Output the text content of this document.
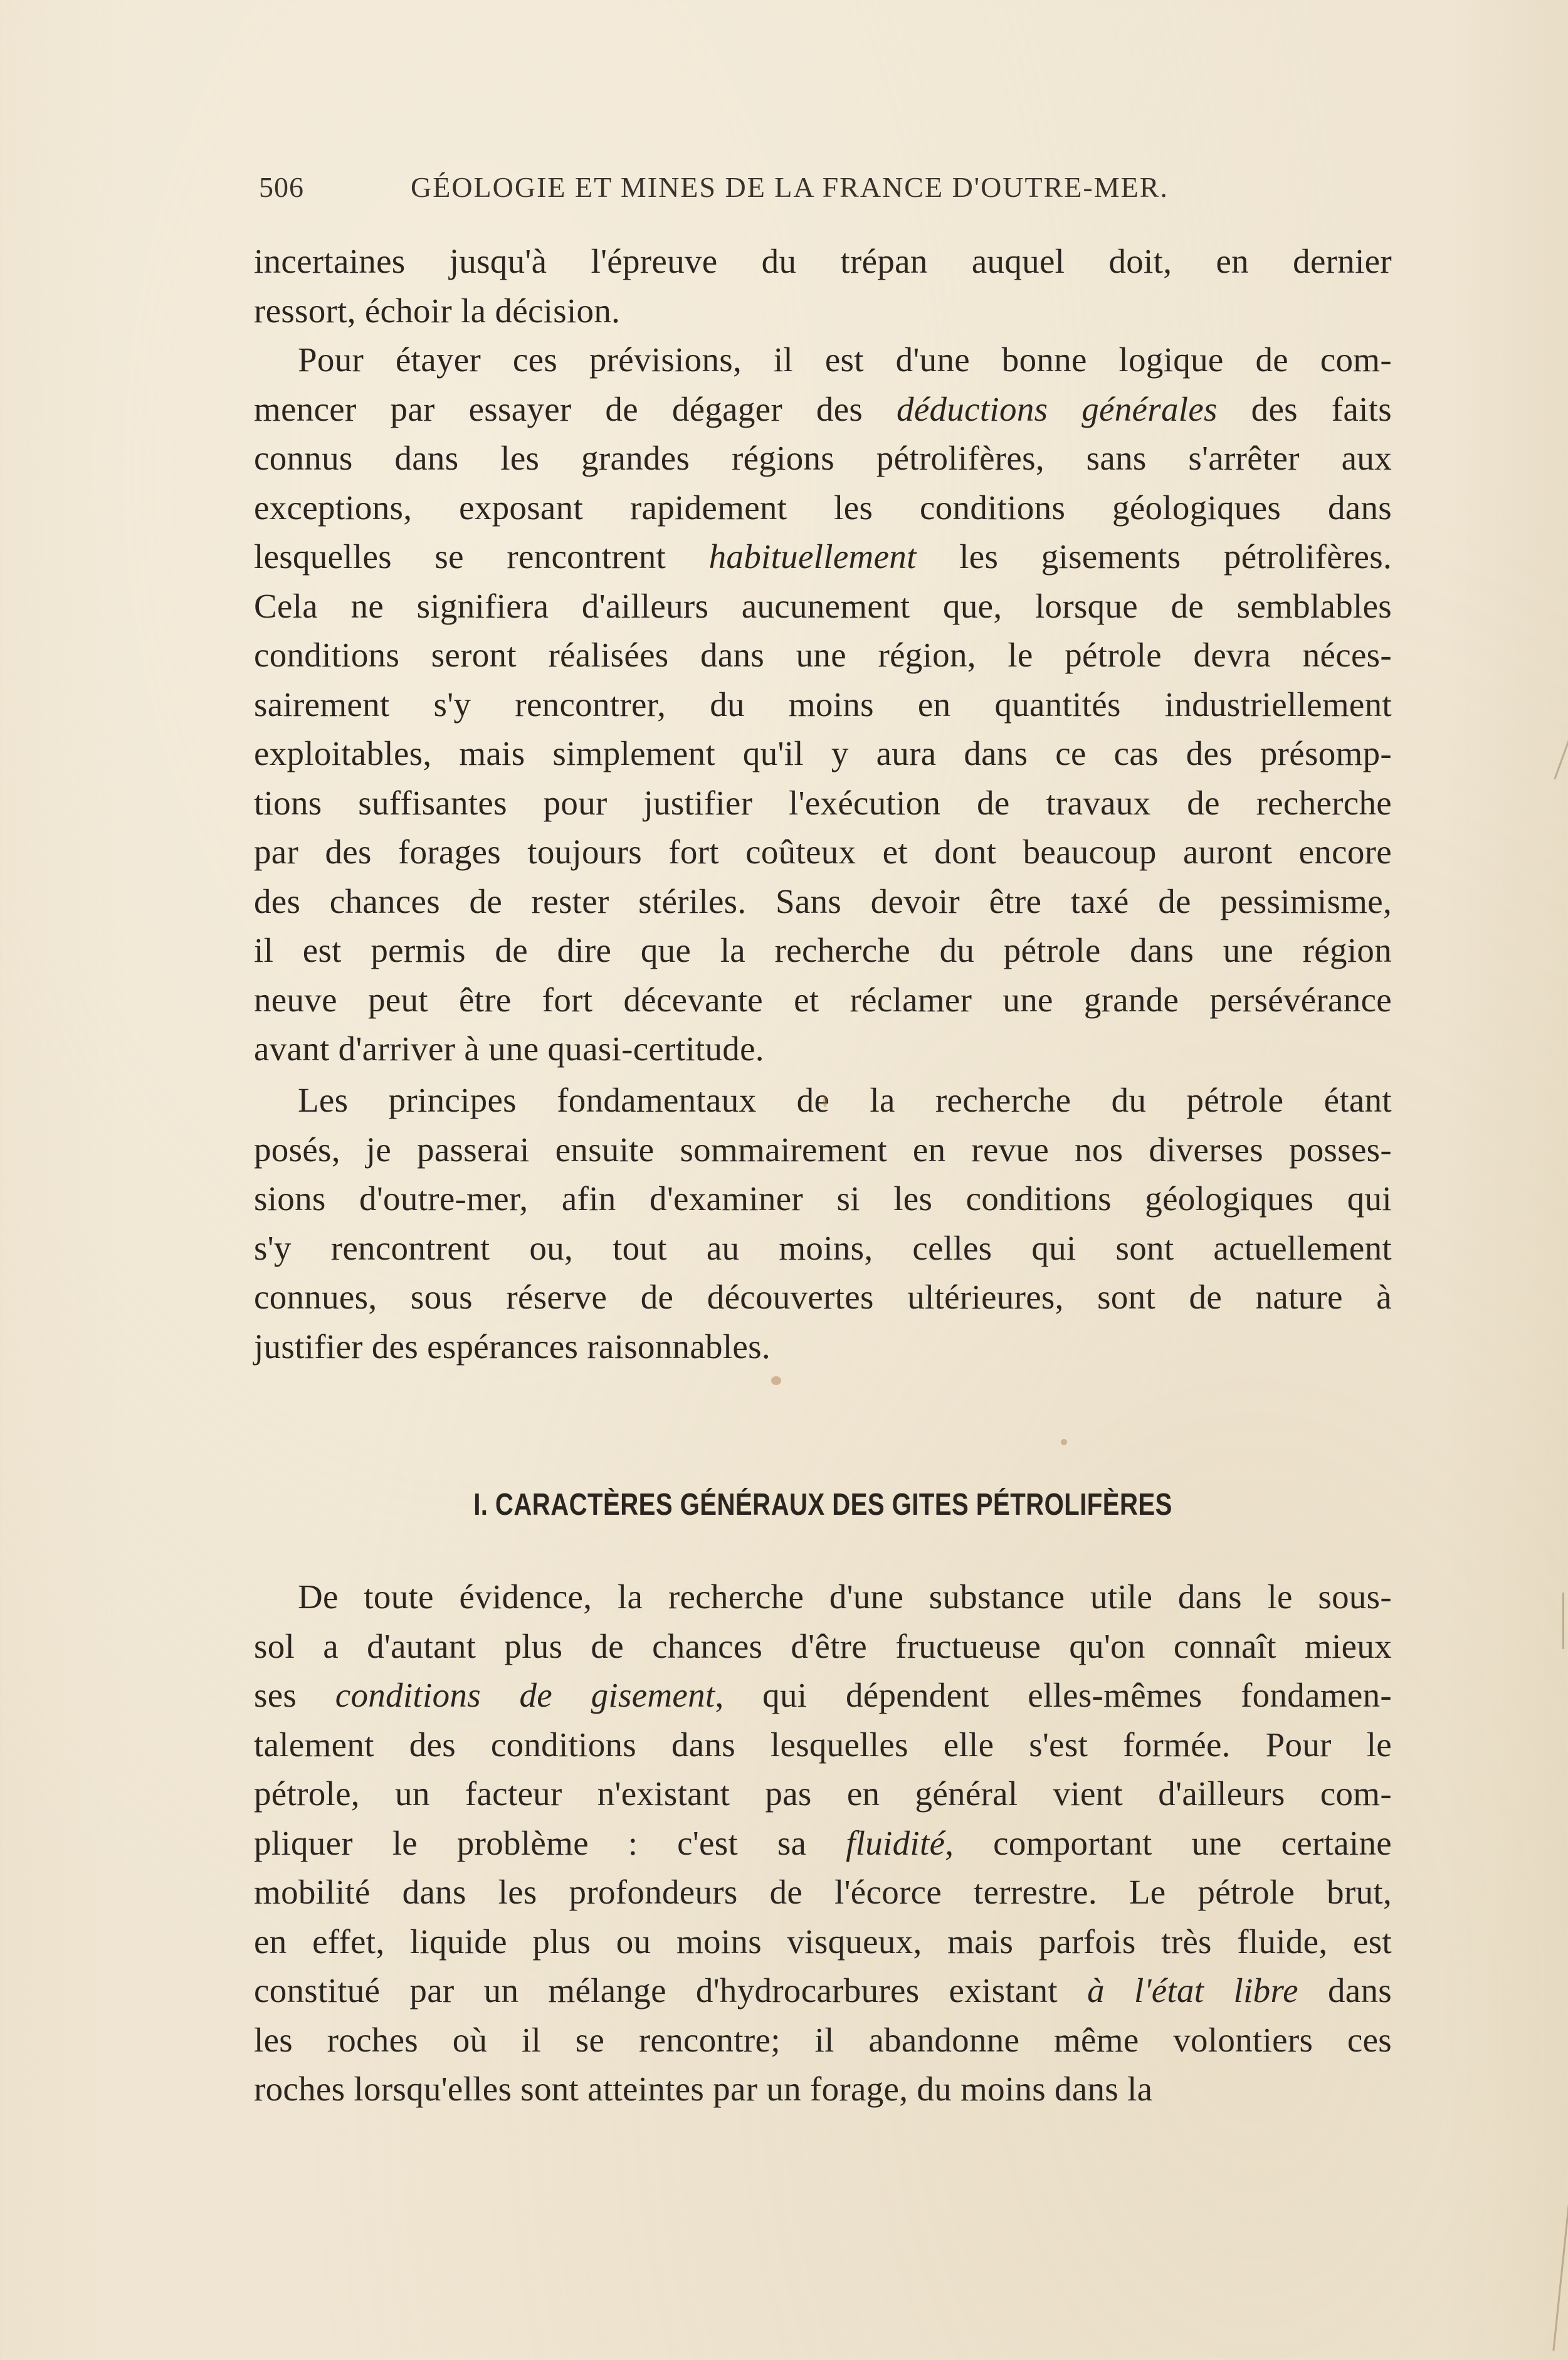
506	GÉOLOGIE ET MINES DE LA FRANCE D'OUTRE-MER.
incertaines jusqu'à l'épreuve du trépan auquel doit, en dernier
ressort, échoir la décision.
Pour étayer ces prévisions, il est d'une bonne logique de com-
mencer par essayer de dégager des déductions générales des faits
connus dans les grandes régions pétrolifères, sans s'arrêter aux
exceptions, exposant rapidement les conditions géologiques dans
lesquelles se rencontrent habituellement les gisements pétrolifères.
Cela ne signifiera d'ailleurs aucunement que, lorsque de semblables
conditions seront réalisées dans une région, le pétrole devra néces-
sairement s'y rencontrer, du moins en quantités industriellement
exploitables, mais simplement qu'il y aura dans ce cas des présomp-
tions suffisantes pour justifier l'exécution de travaux de recherche
par des forages toujours fort coûteux et dont beaucoup auront encore
des chances de rester stériles. Sans devoir être taxé de pessimisme,
il est permis de dire que la recherche du pétrole dans une région
neuve peut être fort décevante et réclamer une grande persévérance
avant d'arriver à une quasi-certitude.
Les principes fondamentaux de la recherche du pétrole étant
posés, je passerai ensuite sommairement en revue nos diverses posses-
sions d'outre-mer, afin d'examiner si les conditions géologiques qui
s'y rencontrent ou, tout au moins, celles qui sont actuellement
connues, sous réserve de découvertes ultérieures, sont de nature à
justifier des espérances raisonnables.
I. CARACTÈRES GÉNÉRAUX DES GITES PÉTROLIFÈRES
De toute évidence, la recherche d'une substance utile dans le sous-
sol a d'autant plus de chances d'être fructueuse qu'on connaît mieux
ses conditions de gisement, qui dépendent elles-mêmes fondamen-
talement des conditions dans lesquelles elle s'est formée. Pour le
pétrole, un facteur n'existant pas en général vient d'ailleurs com-
pliquer le problème : c'est sa fluidité, comportant une certaine
mobilité dans les profondeurs de l'écorce terrestre. Le pétrole brut,
en effet, liquide plus ou moins visqueux, mais parfois très fluide, est
constitué par un mélange d'hydrocarbures existant à l'état libre dans
les roches où il se rencontre; il abandonne même volontiers ces
roches lorsqu'elles sont atteintes par un forage, du moins dans la
